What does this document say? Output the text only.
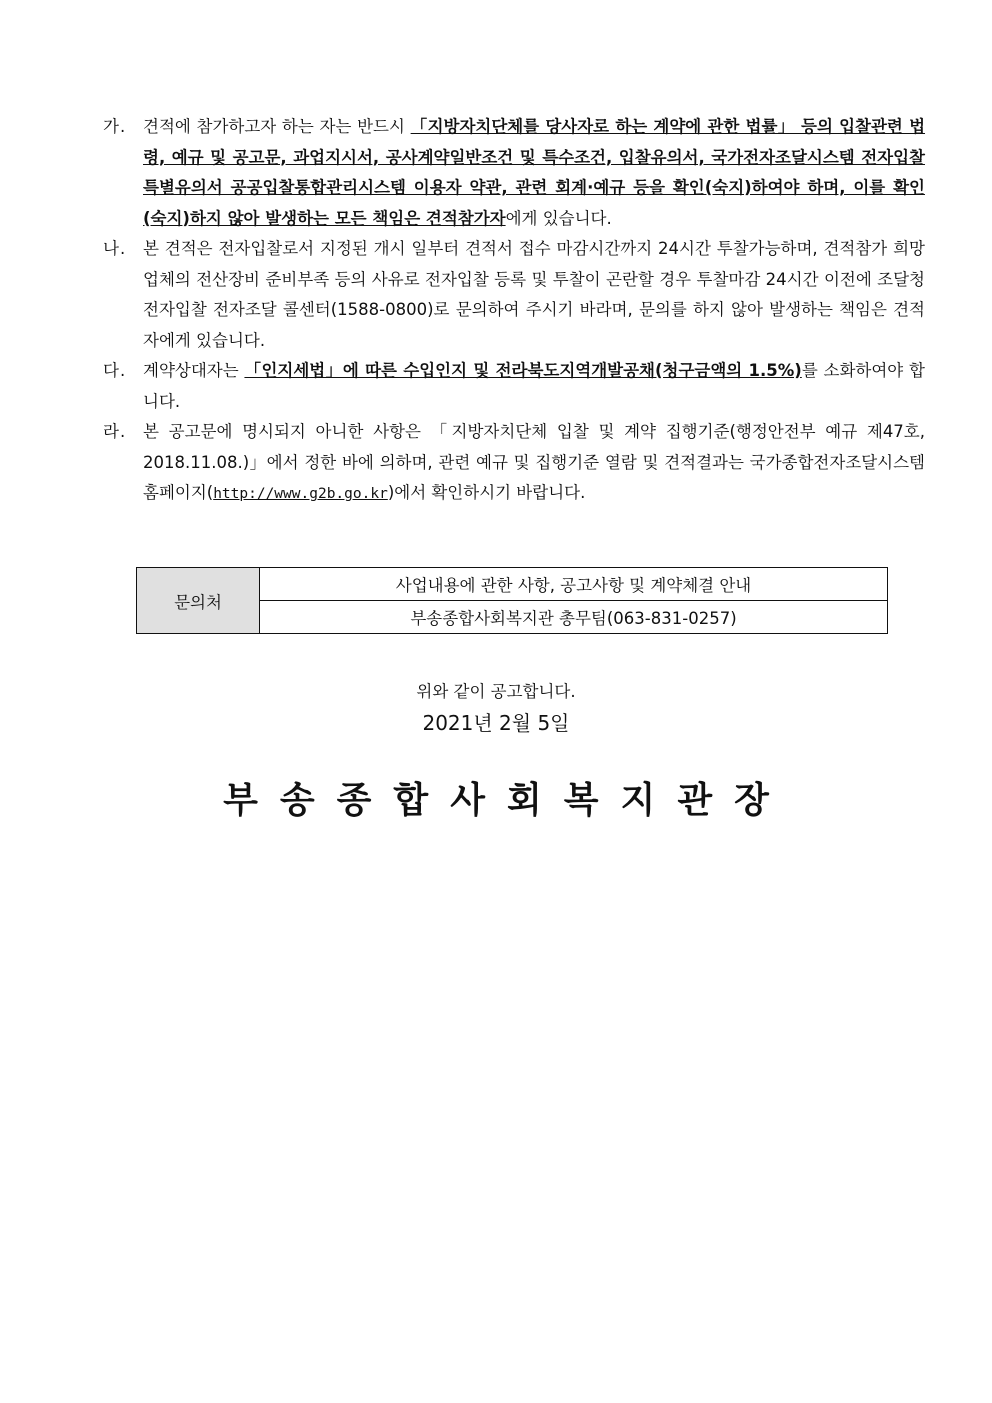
가.	견적에 참가하고자 하는 자는 반드시 「지방자치단체를 당사자로 하는 계약에 관한 법률」 등의 입찰관련 법령, 예규 및 공고문, 과업지시서, 공사계약일반조건 및 특수조건, 입찰유의서, 국가전자조달시스템 전자입찰특별유의서 공공입찰통합관리시스템 이용자 약관, 관련 회계·예규 등을 확인(숙지)하여야 하며, 이를 확인(숙지)하지 않아 발생하는 모든 책임은 견적참가자에게 있습니다.
나.	본 견적은 전자입찰로서 지정된 개시 일부터 견적서 접수 마감시간까지 24시간 투찰가능하며, 견적참가 희망업체의 전산장비 준비부족 등의 사유로 전자입찰 등록 및 투찰이 곤란할 경우 투찰마감 24시간 이전에 조달청 전자입찰 전자조달 콜센터(1588-0800)로 문의하여 주시기 바라며, 문의를 하지 않아 발생하는 책임은 견적자에게 있습니다.
다.	계약상대자는 「인지세법」에 따른 수입인지 및 전라북도지역개발공채(청구금액의 1.5%)를 소화하여야 합니다.
라.	본 공고문에 명시되지 아니한 사항은 「지방자치단체 입찰 및 계약 집행기준(행정안전부 예규 제47호, 2018.11.08.)」에서 정한 바에 의하며, 관련 예규 및 집행기준 열람 및 견적결과는 국가종합전자조달시스템 홈페이지(http://www.g2b.go.kr)에서 확인하시기 바랍니다.
문의처	사업내용에 관한 사항, 공고사항 및 계약체결 안내
부송종합사회복지관 총무팀(063-831-0257)
위와 같이 공고합니다.
2021년 2월 5일
부송종합사회복지관장
